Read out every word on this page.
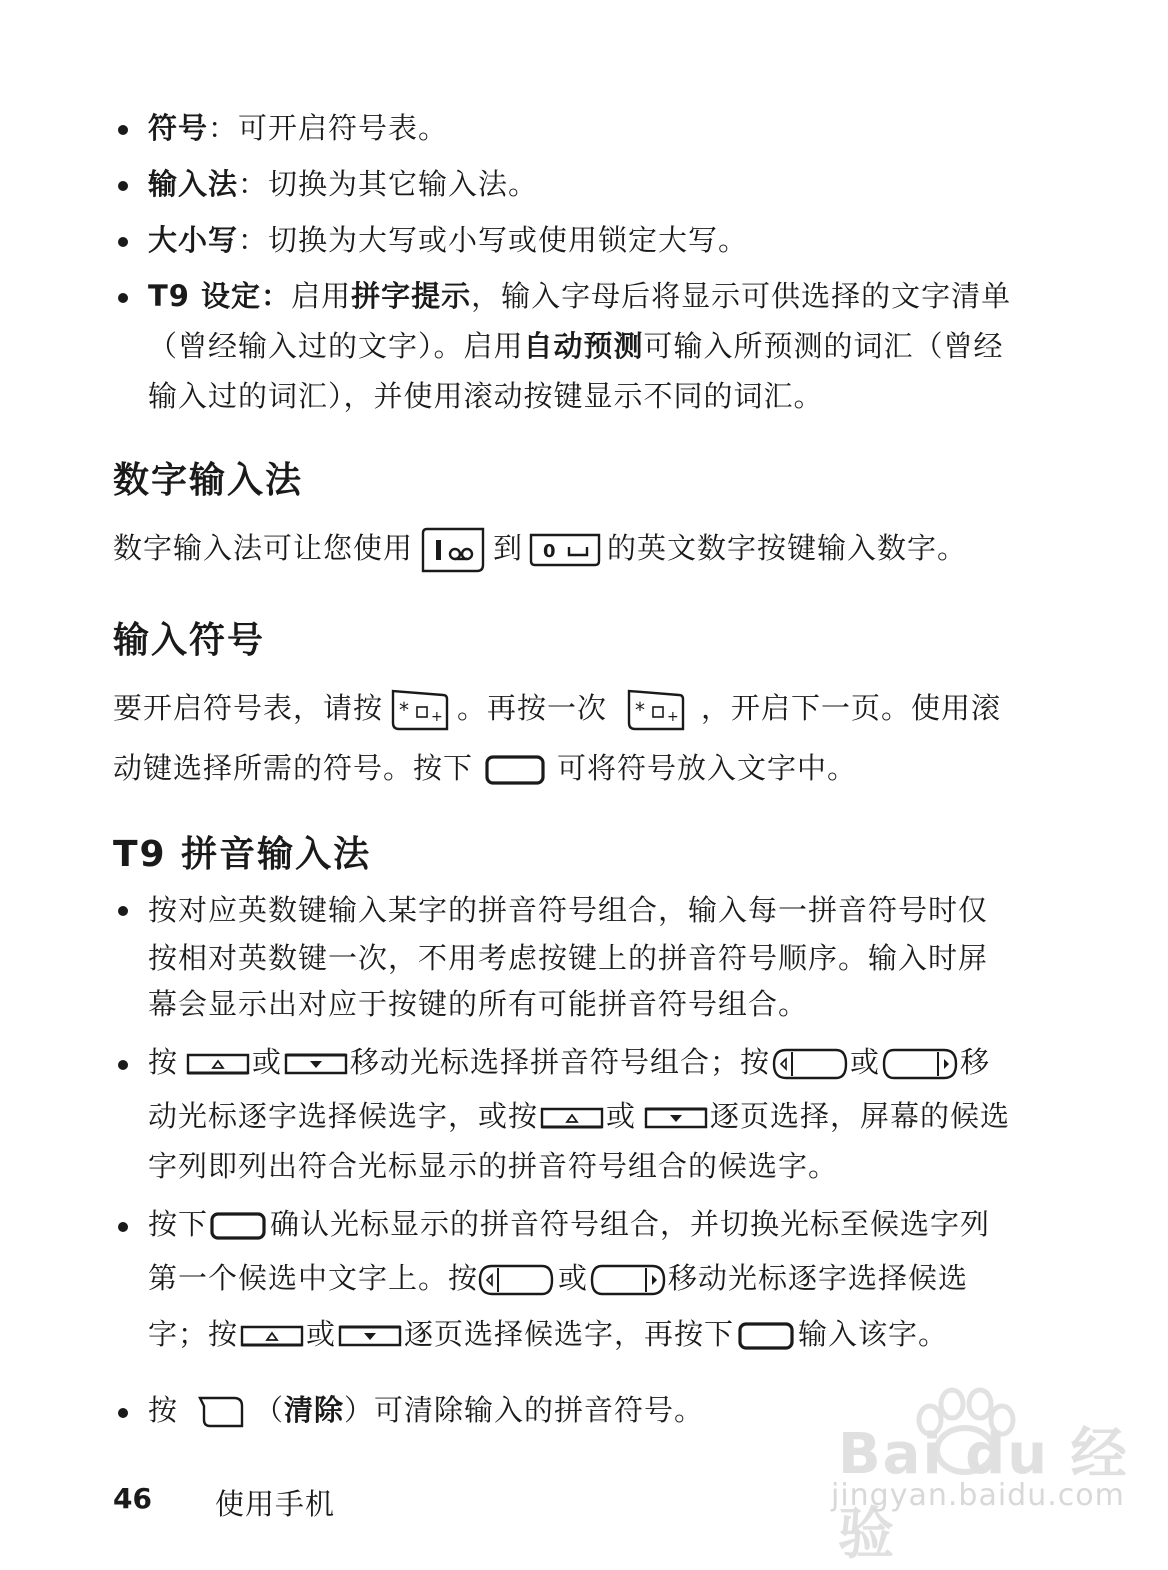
符号：可开启符号表。
输入法：切换为其它输入法。
大小写：切换为大写或小写或使用锁定大写。
T9 设定：启用拼字提示，输入字母后将显示可供选择的文字清单
（曾经输入过的文字）。启用自动预测可输入所预测的词汇（曾经
输入过的词汇），并使用滚动按键显示不同的词汇。
数字输入法
数字输入法可让您使用	到 0 的英文数字按键输入数字。
输入符号
要开启符号表，请按 * + 。再按一次 * + ，开启下一页。使用滚
动键选择所需的符号。按下	可将符号放入文字中。
T9 拼音输入法
按对应英数键输入某字的拼音符号组合，输入每一拼音符号时仅
按相对英数键一次，不用考虑按键上的拼音符号顺序。输入时屏
幕会显示出对应于按键的所有可能拼音符号组合。
按	或 移动光标选择拼音符号组合；按	或	移
动光标逐字选择候选字，或按 或	逐页选择，屏幕的候选
字列即列出符合光标显示的拼音符号组合的候选字。
按下 确认光标显示的拼音符号组合，并切换光标至候选字列
第一个候选中文字上。按	或	移动光标逐字选择候选
字；按 或 逐页选择候选字，再按下 输入该字。
按	（清除）可清除输入的拼音符号。
46 使用手机
Bai du 经验
jingyan.baidu.com
